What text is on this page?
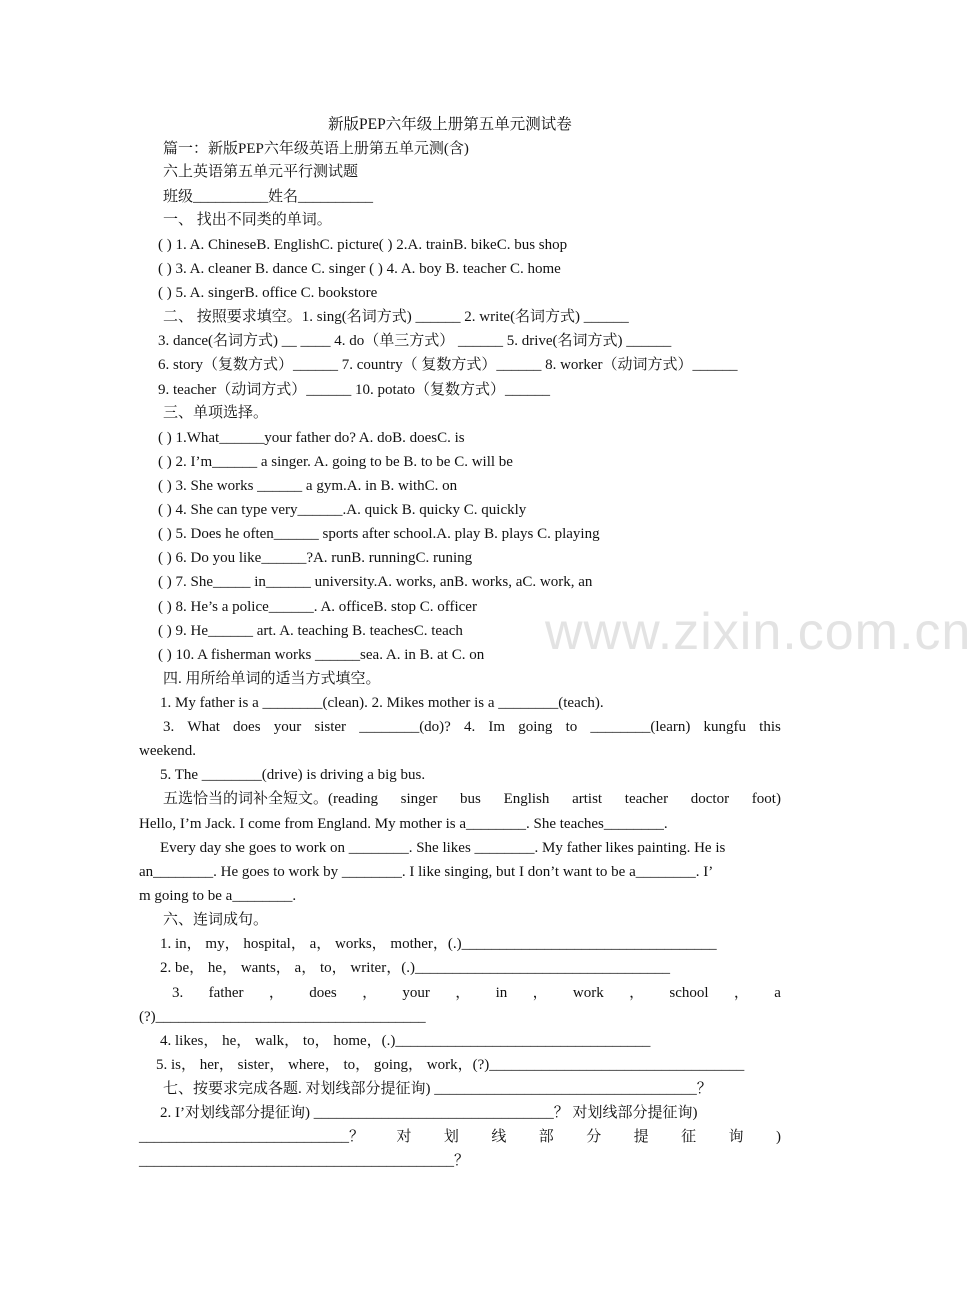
新版PEP六年级上册第五单元测试卷
篇一：新版PEP六年级英语上册第五单元测(含)
六上英语第五单元平行测试题
班级__________姓名__________
一、 找出不同类的单词。
( ) 1. A. ChineseB. EnglishC. picture( ) 2.A. trainB. bikeC. bus shop
( ) 3. A. cleaner B. dance C. singer ( ) 4. A. boy B. teacher C. home
( ) 5. A. singerB. office C. bookstore
二、 按照要求填空。1. sing(名词方式) ______ 2. write(名词方式) ______
3. dance(名词方式) __ ____ 4. do（单三方式） ______ 5. drive(名词方式) ______
6. story（复数方式）______ 7. country（ 复数方式）______ 8. worker（动词方式）______
9. teacher（动词方式）______ 10. potato（复数方式）______
三、单项选择。
( ) 1.What______your father do? A. doB. doesC. is
( ) 2. I’m______ a singer. A. going to be B. to be C. will be
( ) 3. She works ______ a gym.A. in B. withC. on
( ) 4. She can type very______.A. quick B. quicky C. quickly
( ) 5. Does he often______ sports after school.A. play B. plays C. playing
( ) 6. Do you like______?A. runB. runningC. runing
( ) 7. She_____ in______ university.A. works, anB. works, aC. work, an
( ) 8. He’s a police______. A. officeB. stop C. officer
( ) 9. He______ art. A. teaching B. teachesC. teach
( ) 10. A fisherman works ______sea. A. in B. at C. on
四. 用所给单词的适当方式填空。
1. My father is a ________(clean). 2. Mikes mother is a ________(teach).
3. What does your sister ________(do)? 4. Im going to ________(learn) kungfu this
weekend.
5. The ________(drive) is driving a big bus.
五选恰当的词补全短文。(reading singer bus English artist teacher doctor foot)
Hello, I’m Jack. I come from England. My mother is a________. She teaches________.
Every day she goes to work on ________. She likes ________. My father likes painting. He is
an________. He goes to work by ________. I like singing, but I don’t want to be a________. I’
m going to be a________.
六、连词成句。
1. in， my， hospital， a， works， mother，(.)__________________________________
2. be， he， wants， a， to， writer，(.)__________________________________
3. father ， does ， your ， in ， work ， school ， a
(?)____________________________________
4. likes， he， walk， to， home，(.)__________________________________
5. is， her， sister， where， to， going， work，(?)__________________________________
七、按要求完成各题. 对划线部分提征询) ___________________________________？
2. I’对划线部分提征询) ________________________________？ 对划线部分提征询)
____________________________？ 对 划 线 部 分 提 征 询 )
__________________________________________？
www.zixin.com.cn
